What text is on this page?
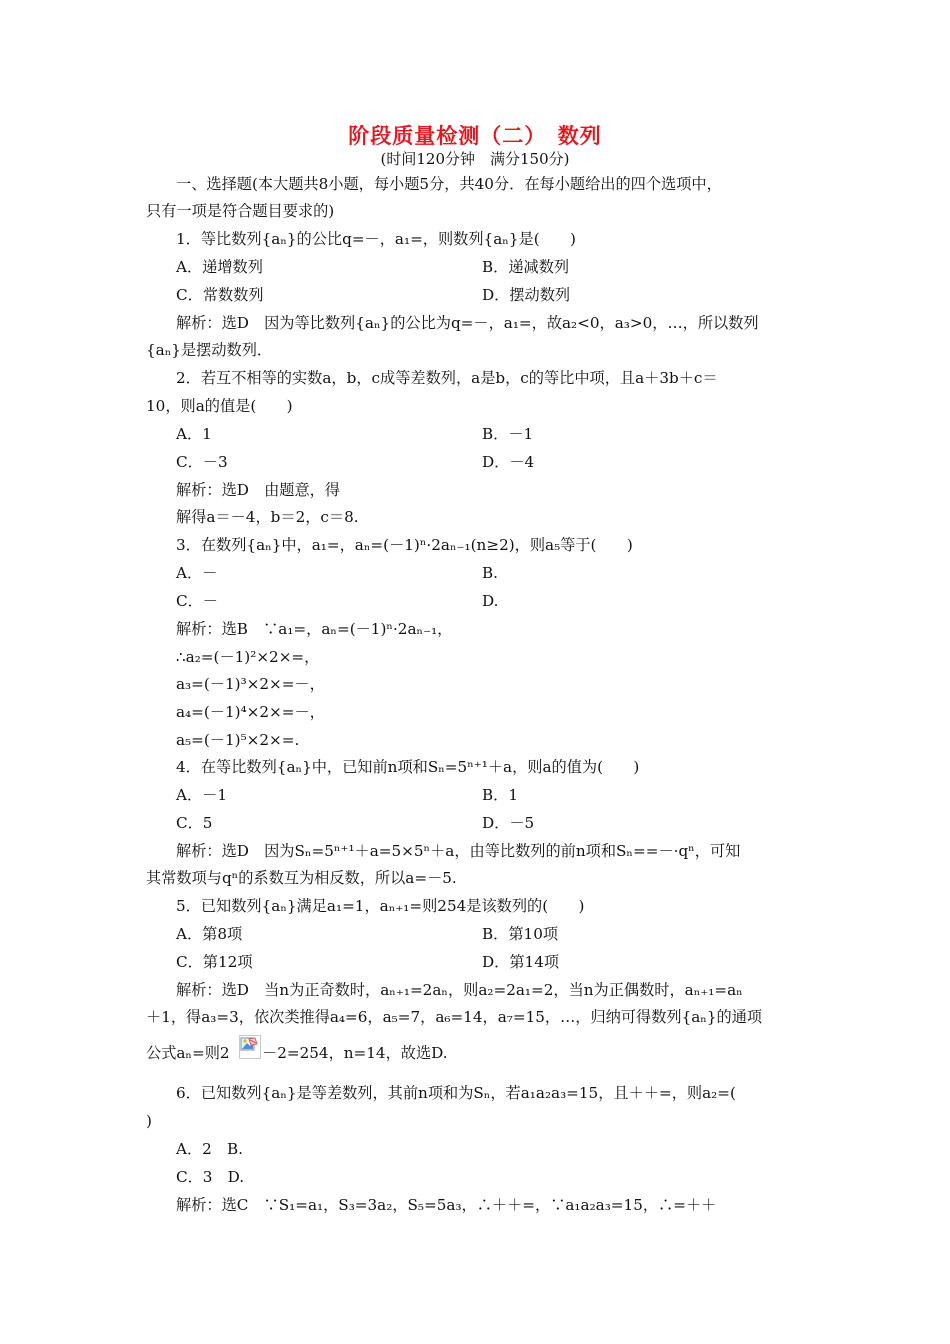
阶段质量检测（二）　数列
(时间120分钟　满分150分)
一、选择题(本大题共8小题，每小题5分，共40分．在每小题给出的四个选项中，
只有一项是符合题目要求的)
1．等比数列{aₙ}的公比q=－，a₁=，则数列{aₙ}是(　　)
A．递增数列	B．递减数列
C．常数数列	D．摆动数列
解析：选D　因为等比数列{aₙ}的公比为q=－，a₁=，故a₂<0，a₃>0，…，所以数列
{aₙ}是摆动数列．
2．若互不相等的实数a，b，c成等差数列，a是b，c的等比中项，且a＋3b＋c＝
10，则a的值是(　　)
A．1	B．－1
C．－3	D．－4
解析：选D　由题意，得
解得a＝－4，b＝2，c＝8.
3．在数列{aₙ}中，a₁=，aₙ=(－1)ⁿ·2aₙ₋₁(n≥2)，则a₅等于(　　)
A．－	B.
C．－	D.
解析：选B　∵a₁=，aₙ=(－1)ⁿ·2aₙ₋₁，
∴a₂=(－1)²×2×=，
a₃=(－1)³×2×=－，
a₄=(－1)⁴×2×=－，
a₅=(－1)⁵×2×=.
4．在等比数列{aₙ}中，已知前n项和Sₙ=5ⁿ⁺¹＋a，则a的值为(　　)
A．－1	B．1
C．5	D．－5
解析：选D　因为Sₙ=5ⁿ⁺¹＋a=5×5ⁿ＋a，由等比数列的前n项和Sₙ==－·qⁿ，可知
其常数项与qⁿ的系数互为相反数，所以a=－5.
5．已知数列{aₙ}满足a₁=1，aₙ₊₁=则254是该数列的(　　)
A．第8项	B．第10项
C．第12项	D．第14项
解析：选D　当n为正奇数时，aₙ₊₁=2aₙ，则a₂=2a₁=2，当n为正偶数时，aₙ₊₁=aₙ
＋1，得a₃=3，依次类推得a₄=6，a₅=7，a₆=14，a₇=15，…，归纳可得数列{aₙ}的通项
公式aₙ=则2 －2=254，n=14，故选D.
6．已知数列{aₙ}是等差数列，其前n项和为Sₙ，若a₁a₂a₃=15，且＋＋=，则a₂=(
)
A．2　B.
C．3　D.
解析：选C　∵S₁=a₁，S₃=3a₂，S₅=5a₃，∴＋＋=，∵a₁a₂a₃=15，∴=＋＋
